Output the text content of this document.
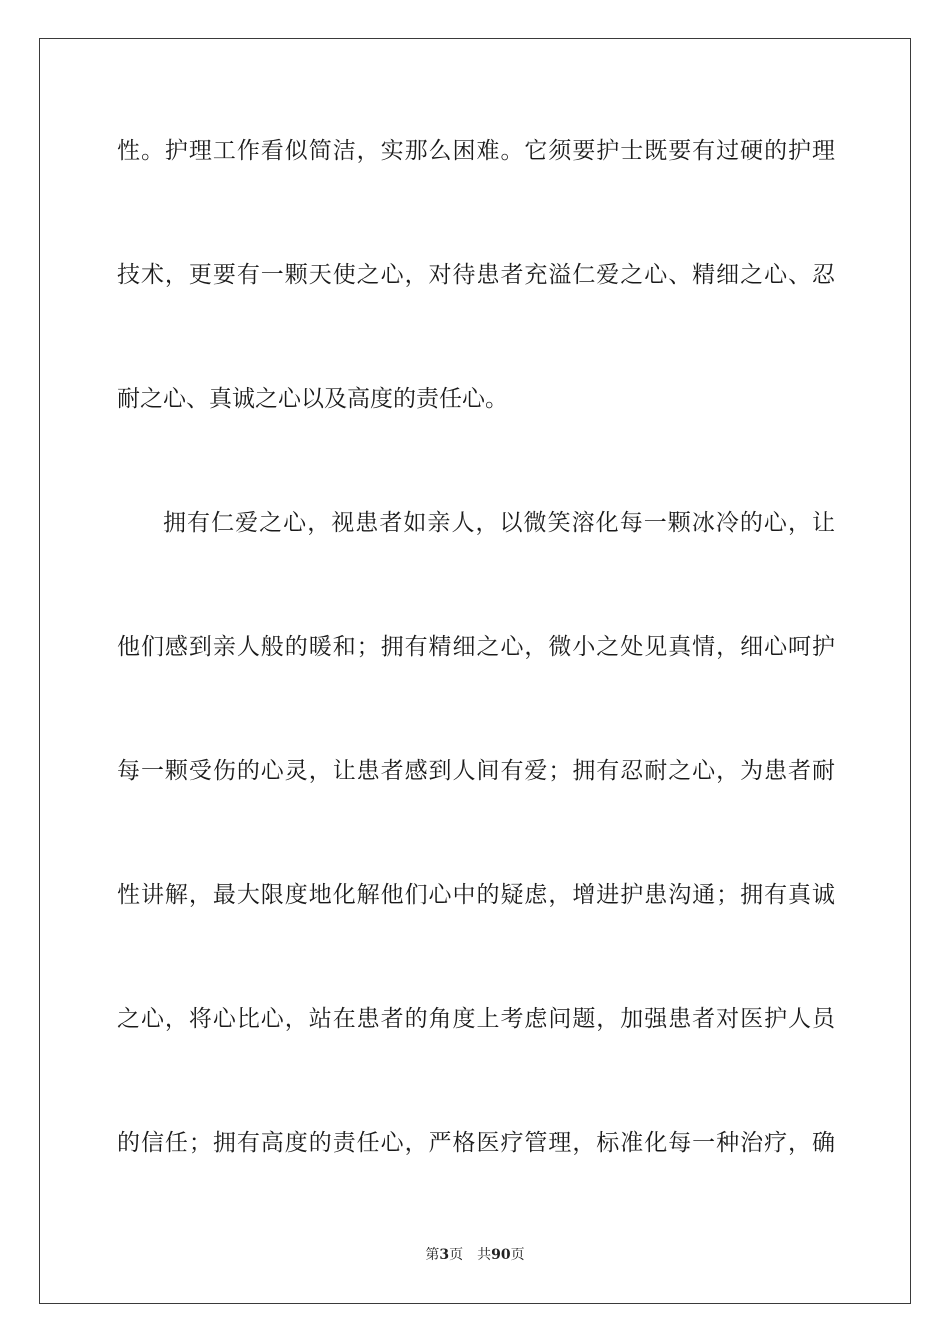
性。护理工作看似简洁，实那么困难。它须要护士既要有过硬的护理
技术，更要有一颗天使之心，对待患者充溢仁爱之心、精细之心、忍
耐之心、真诚之心以及高度的责任心。
拥有仁爱之心，视患者如亲人，以微笑溶化每一颗冰冷的心，让
他们感到亲人般的暖和；拥有精细之心，微小之处见真情，细心呵护
每一颗受伤的心灵，让患者感到人间有爱；拥有忍耐之心，为患者耐
性讲解，最大限度地化解他们心中的疑虑，增进护患沟通；拥有真诚
之心，将心比心，站在患者的角度上考虑问题，加强患者对医护人员
的信任；拥有高度的责任心，严格医疗管理，标准化每一种治疗，确
第3页 共90页
